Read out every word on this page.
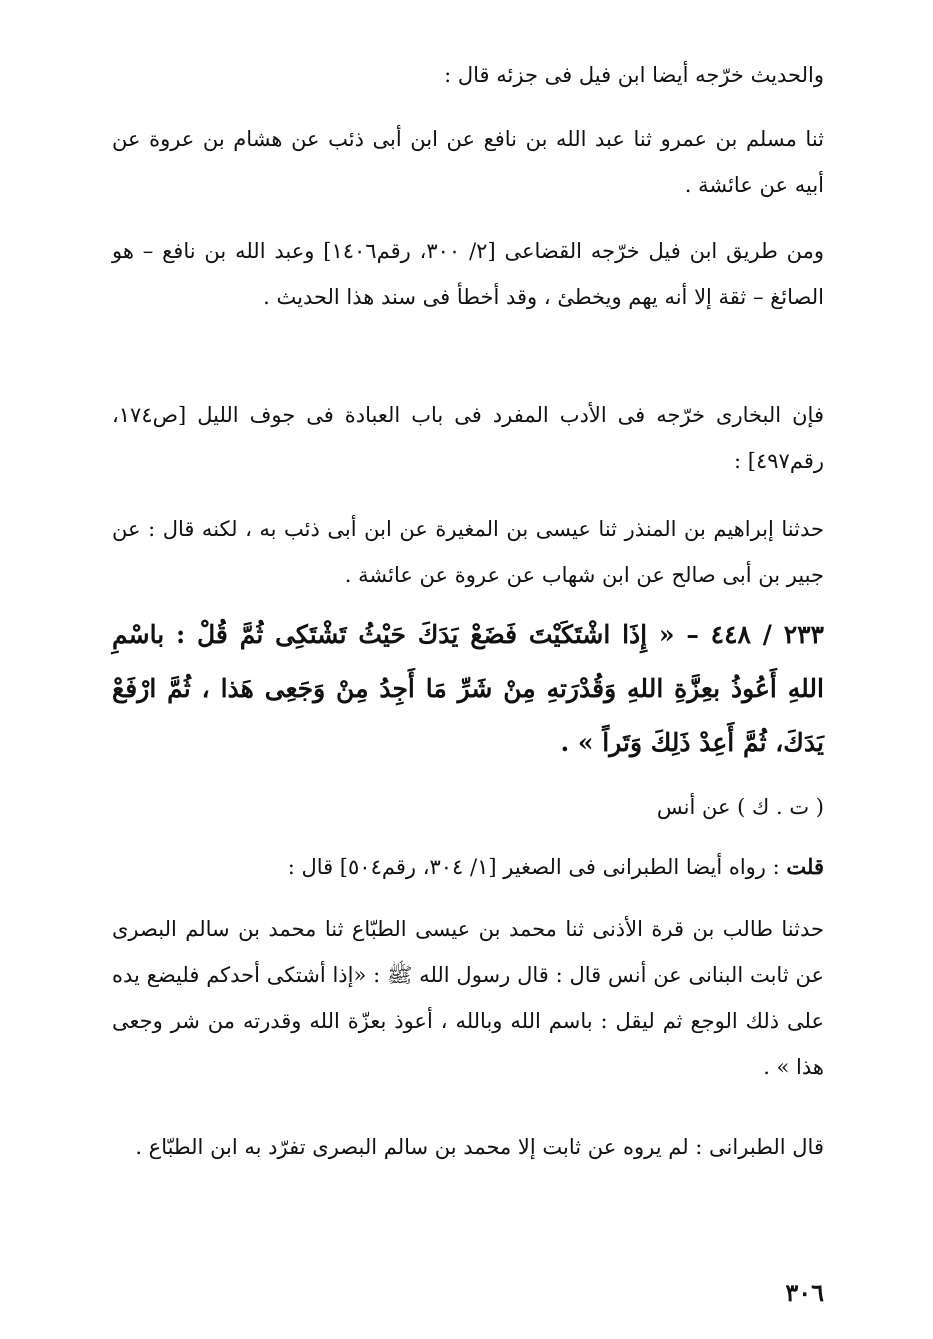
والحديث خرّجه أيضا ابن فيل فى جزئه قال :

ثنا مسلم بن عمرو ثنا عبد الله بن نافع عن ابن أبى ذئب عن هشام بن عروة عن أبيه عن عائشة .

ومن طريق ابن فيل خرّجه القضاعى [٢/ ٣٠٠، رقم١٤٠٦] وعبد الله بن نافع – هو الصائغ – ثقة إلا أنه يهم ويخطئ ، وقد أخطأ فى سند هذا الحديث .

فإن البخارى خرّجه فى الأدب المفرد فى باب العبادة فى جوف الليل [ص١٧٤، رقم٤٩٧] :

حدثنا إبراهيم بن المنذر ثنا عيسى بن المغيرة عن ابن أبى ذئب به ، لكنه قال : عن جبير بن أبى صالح عن ابن شهاب عن عروة عن عائشة .

٢٣٣ / ٤٤٨ – « إِذَا اشْتَكَيْتَ فَضَعْ يَدَكَ حَيْثُ تَشْتَكِى ثُمَّ قُلْ : باسْمِ اللهِ أَعُوذُ بعِزَّةِ اللهِ وَقُدْرَتهِ مِنْ شَرِّ مَا أَجِدُ مِنْ وَجَعِى هَذا ، ثُمَّ ارْفَعْ يَدَكَ، ثُمَّ أَعِدْ ذَلِكَ وَتَراً » .

( ت . ك ) عن أنس

قلت : رواه أيضا الطبرانى فى الصغير [١/ ٣٠٤، رقم٥٠٤] قال :

حدثنا طالب بن قرة الأذنى ثنا محمد بن عيسى الطبّاع ثنا محمد بن سالم البصرى عن ثابت البنانى عن أنس قال : قال رسول الله ﷺ : «إذا أشتكى أحدكم فليضع يده على ذلك الوجع ثم ليقل : باسم الله وبالله ، أعوذ بعزّة الله وقدرته من شر وجعى هذا » .

قال الطبرانى : لم يروه عن ثابت إلا محمد بن سالم البصرى تفرّد به ابن الطبّاع .

٣٠٦
